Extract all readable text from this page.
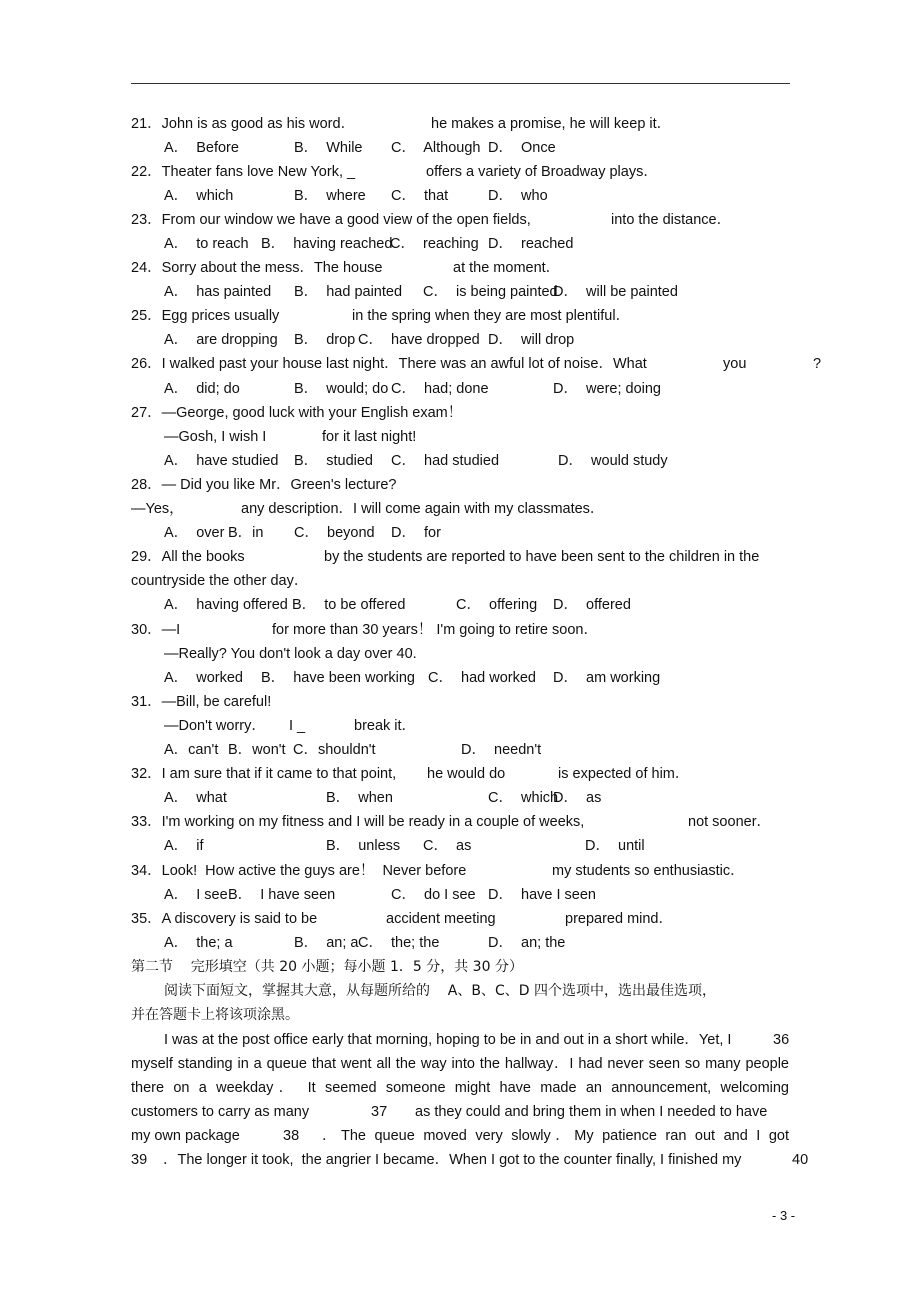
21．John is as good as his word．	he makes a promise, he will keep it．
A．  Before	B．  While C．  Although D．  Once
22．Theater fans love New York, _	offers a variety of Broadway plays．
A．  which	B．  where C．  that	D．  who
23．From our window we have a good view of the open fields,	into the distance．
A．  to reach B．  having reached
C．  reaching D．  reached
24．Sorry about the mess．The house	at the moment．
A．  has painted B．  had painted C．  is being painted
D．  will be painted
25．Egg prices usually	in the spring when they are most plentiful．
A．  are dropping B．  drop C．  have dropped D．  will drop
26．I walked past your house last night．There was an awful lot of noise．What	you	?
A．  did; do	B．  would; do C．  had; done	D．  were; doing
27．—George, good luck with your English exam！
—Gosh, I wish I	for it last night!
A．  have studied B．  studied C．  had studied	D．  would study
28．— Did you like Mr．Green's lecture?
—Yes，	any description．I will come again with my classmates．
A．  over B．in C．  beyond D．  for
29．All the books	by the students are reported to have been sent to the children in the
countryside the other day．
A．  having offered B．  to be offered	C．  offering D．  offered
30．—I	for more than 30 years！ I'm going to retire soon．
—Really? You don't look a day over 40.
A．  worked B．  have been working C．  had worked D．  am working
31．—Bill, be careful!
—Don't worry． I _	break it．
A．can't B．won't C．shouldn't	D．  needn't
32．I am sure that if it came to that point, he would do	is expected of him．
A．  what	B．  when	C．  which
D．  as
33．I'm working on my fitness and I will be ready in a couple of weeks,	not sooner．
A．  if	B．  unless C．  as	D．  until
34．Look!  How active the guys are！  Never before	my students so enthusiastic．
A．  I see B．  I have seen	C．  do I see D．  have I seen
35．A discovery is said to be	accident meeting	prepared mind．
A．  the; a	B．  an; a C．  the; the	D．  an; the
第二节    完形填空（共 20 小题；每小题 1．5 分，共 30 分）
阅读下面短文，掌握其大意，从每题所给的    A、B、C、D 四个选项中，选出最佳选项，
并在答题卡上将该项涂黑。
I was at the post office early that morning, hoping to be in and out in a short while．Yet, I	36
myself standing in a queue that went all the way into the hallway．I had never seen so many people
there on a weekday． It seemed someone might have made an announcement, welcoming
customers to carry as many	37 as they could and bring them in when I needed to have
my own package	38 ．The queue moved very slowly．My patience ran out and I got
39 ．The longer it took,  the angrier I became．When I got to the counter finally, I finished my	40
- 3 -
